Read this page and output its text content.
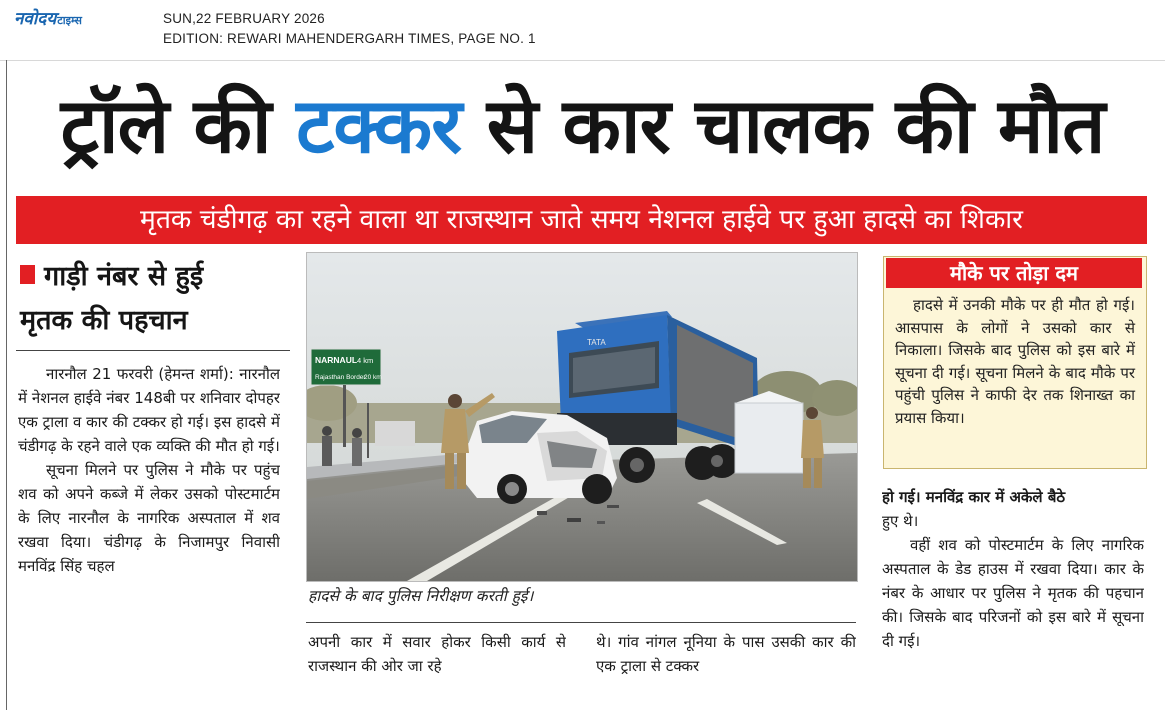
नवोदय टाइम्स	SUN,22 FEBRUARY 2026
EDITION: REWARI MAHENDERGARH TIMES, PAGE NO. 1
ट्रॉले की टक्कर से कार चालक की मौत
मृतक चंडीगढ़ का रहने वाला था राजस्थान जाते समय नेशनल हाईवे पर हुआ हादसे का शिकार
गाड़ी नंबर से हुई
मृतक की पहचान

नारनौल 21 फरवरी (हेमन्त शर्मा): नारनौल में नेशनल हाईवे नंबर 148बी पर शनिवार दोपहर एक ट्राला व कार की टक्कर हो गई। इस हादसे में चंडीगढ़ के रहने वाले एक व्यक्ति की मौत हो गई।

सूचना मिलने पर पुलिस ने मौके पर पहुंच शव को अपने कब्जे में लेकर उसको पोस्टमार्टम के लिए नारनौल के नागरिक अस्पताल में शव रखवा दिया। चंडीगढ़ के निजामपुर निवासी मनविंद्र सिंह चहल

NARNAUL 4 km
Rajasthan Border
20 km
TATA
हादसे के बाद पुलिस निरीक्षण करती हुई।

अपनी कार में सवार होकर किसी कार्य से राजस्थान की ओर जा रहे

थे। गांव नांगल नूनिया के पास उसकी कार की एक ट्राला से टक्कर

मौके पर तोड़ा दम
हादसे में उनकी मौके पर ही मौत हो गई। आसपास के लोगों ने उसको कार से निकाला। जिसके बाद पुलिस को इस बारे में सूचना दी गई। सूचना मिलने के बाद मौके पर पहुंची पुलिस ने काफी देर तक शिनाख्त का प्रयास किया।

हो गई। मनविंद्र कार में अकेले बैठे

हुए थे।

वहीं शव को पोस्टमार्टम के लिए नागरिक अस्पताल के डेड हाउस में रखवा दिया। कार के नंबर के आधार पर पुलिस ने मृतक की पहचान की। जिसके बाद परिजनों को इस बारे में सूचना दी गई।
